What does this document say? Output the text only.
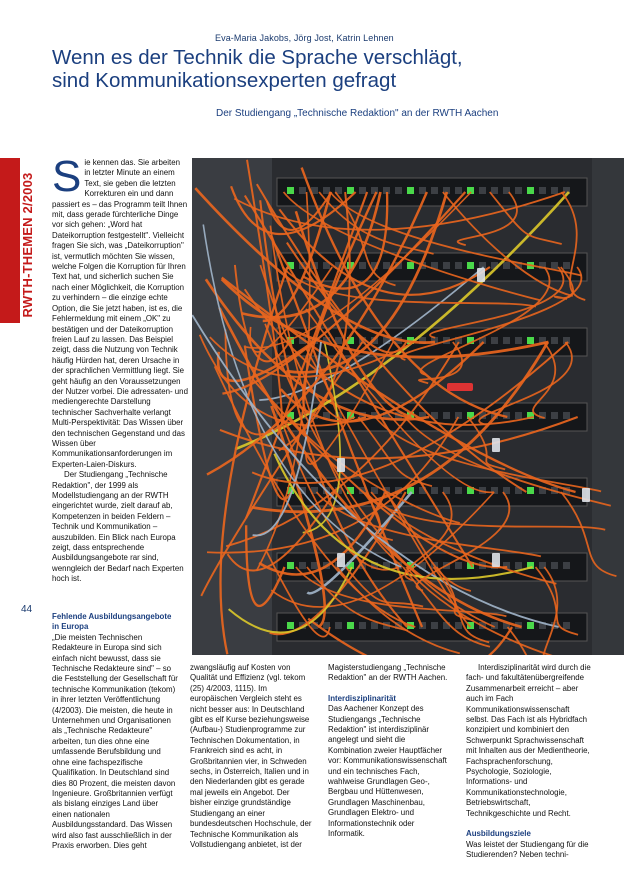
Eva-Maria Jakobs, Jörg Jost, Katrin Lehnen
Wenn es der Technik die Sprache verschlägt,
sind Kommunikationsexperten gefragt
Der Studiengang „Technische Redaktion" an der RWTH Aachen
RWTH-THEMEN 2/2003
44
S ie kennen das. Sie arbeiten in letzter Minute an einem Text, sie geben die letzten Korrekturen ein und dann passiert es – das Programm teilt Ihnen mit, dass gerade fürchterliche Dinge vor sich gehen: „Word hat Dateikorruption festgestellt". Vielleicht fragen Sie sich, was „Dateikorruption" ist, vermutlich möchten Sie wissen, welche Folgen die Korruption für Ihren Text hat, und sicherlich suchen Sie nach einer Möglichkeit, die Korruption zu verhindern – die einzige echte Option, die Sie jetzt haben, ist es, die Fehlermeldung mit einem „OK" zu bestätigen und der Dateikorruption freien Lauf zu lassen. Das Beispiel zeigt, dass die Nutzung von Technik häufig Hürden hat, deren Ursache in der sprachlichen Vermittlung liegt. Sie geht häufig an den Voraussetzungen der Nutzer vorbei. Die adressaten- und mediengerechte Darstellung technischer Sachverhalte verlangt Multi-Perspektivität: Das Wissen über den technischen Gegenstand und das Wissen über Kommunikationsanforderungen im Experten-Laien-Diskurs.

Der Studiengang „Technische Redaktion", der 1999 als Modellstudiengang an der RWTH eingerichtet wurde, zielt darauf ab, Kompetenzen in beiden Feldern – Technik und Kommunikation – auszubilden. Ein Blick nach Europa zeigt, dass entsprechende Ausbildungsangebote rar sind, wenngleich der Bedarf nach Experten hoch ist.

Fehlende Ausbildungsangebote in Europa

„Die meisten Technischen Redakteure in Europa sind sich einfach nicht bewusst, dass sie Technische Redakteure sind" – so die Feststellung der Gesellschaft für technische Kommunikation (tekom) in ihrer letzten Veröffentlichung (4/2003). Die meisten, die heute in Unternehmen und Organisationen als „Technische Redakteure" arbeiten, tun dies ohne eine umfassende Berufsbildung und ohne eine fachspezifische Qualifikation. In Deutschland sind dies 80 Prozent, die meisten davon Ingenieure. Großbritannien verfügt als bislang einziges Land über einen nationalen Ausbildungsstandard. Das Wissen wird also fast ausschließlich in der Praxis erworben. Dies geht

zwangsläufig auf Kosten von Qualität und Effizienz (vgl. tekom (25) 4/2003, 1115). Im europäischen Vergleich steht es nicht besser aus: In Deutschland gibt es elf Kurse beziehungsweise (Aufbau-) Studienprogramme zur Technischen Dokumentation, in Frankreich sind es acht, in Großbritannien vier, in Schweden sechs, in Österreich, Italien und in den Niederlanden gibt es gerade mal jeweils ein Angebot. Der bisher einzige grundständige Studiengang an einer bundesdeutschen Hochschule, der Technische Kommunikation als Vollstudiengang anbietet, ist der

Magisterstudiengang „Technische Redaktion" an der RWTH Aachen.

Interdisziplinarität

Das Aachener Konzept des Studiengangs „Technische Redaktion" ist interdisziplinär angelegt und sieht die Kombination zweier Hauptfächer vor: Kommunikationswissenschaft und ein technisches Fach, wahlweise Grundlagen Geo-, Bergbau und Hüttenwesen, Grundlagen Maschinenbau, Grundlagen Elektro- und Informationstechnik oder Informatik.

Interdisziplinarität wird durch die fach- und fakultätenübergreifende Zusammenarbeit erreicht – aber auch im Fach Kommunikationswissenschaft selbst. Das Fach ist als Hybridfach konzipiert und kombiniert den Schwerpunkt Sprachwissenschaft mit Inhalten aus der Medientheorie, Fachsprachenforschung, Psychologie, Soziologie, Informations- und Kommunikationstechnologie, Betriebswirtschaft, Technikgeschichte und Recht.

Ausbildungsziele

Was leistet der Studiengang für die Studierenden? Neben techni-
